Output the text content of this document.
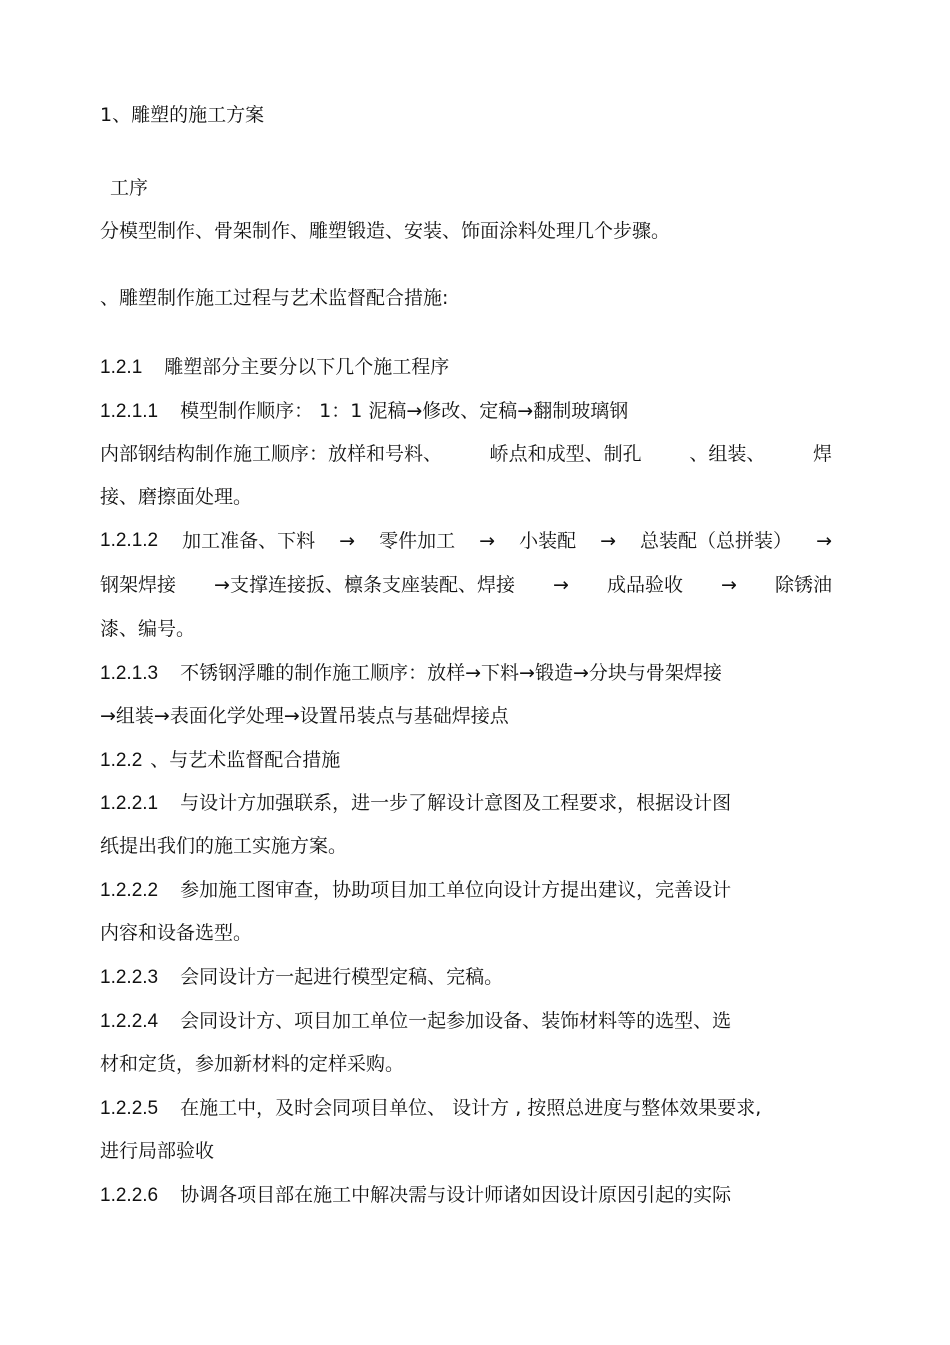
1、雕塑的施工方案
工序
分模型制作、骨架制作、雕塑锻造、安装、饰面涂料处理几个步骤。
、雕塑制作施工过程与艺术监督配合措施:
1.2.1 雕塑部分主要分以下几个施工程序
1.2.1.1 模型制作顺序： 1：1 泥稿→修改、定稿→翻制玻璃钢
内部钢结构制作施工顺序：放样和号料、	峤点和成型、制孔	、组装、	焊
接、磨擦面处理。
1.2.1.2 加工准备、下料 → 零件加工 → 小装配 → 总装配（总拼装） →
钢架焊接 →支撑连接扳、檩条支座装配、焊接 → 成品验收 → 除锈油
漆、编号。
1.2.1.3 不锈钢浮雕的制作施工顺序：放样→下料→锻造→分块与骨架焊接
→组装→表面化学处理→设置吊装点与基础焊接点
1.2.2 、与艺术监督配合措施
1.2.2.1 与设计方加强联系，进一步了解设计意图及工程要求，根据设计图
纸提出我们的施工实施方案。
1.2.2.2 参加施工图审查，协助项目加工单位向设计方提出建议，完善设计
内容和设备选型。
1.2.2.3 会同设计方一起进行模型定稿、完稿。
1.2.2.4 会同设计方、项目加工单位一起参加设备、装饰材料等的选型、选
材和定货，参加新材料的定样采购。
1.2.2.5 在施工中，及时会同项目单位、 设计方 , 按照总进度与整体效果要求,
进行局部验收
1.2.2.6 协调各项目部在施工中解决需与设计师诸如因设计原因引起的实际
